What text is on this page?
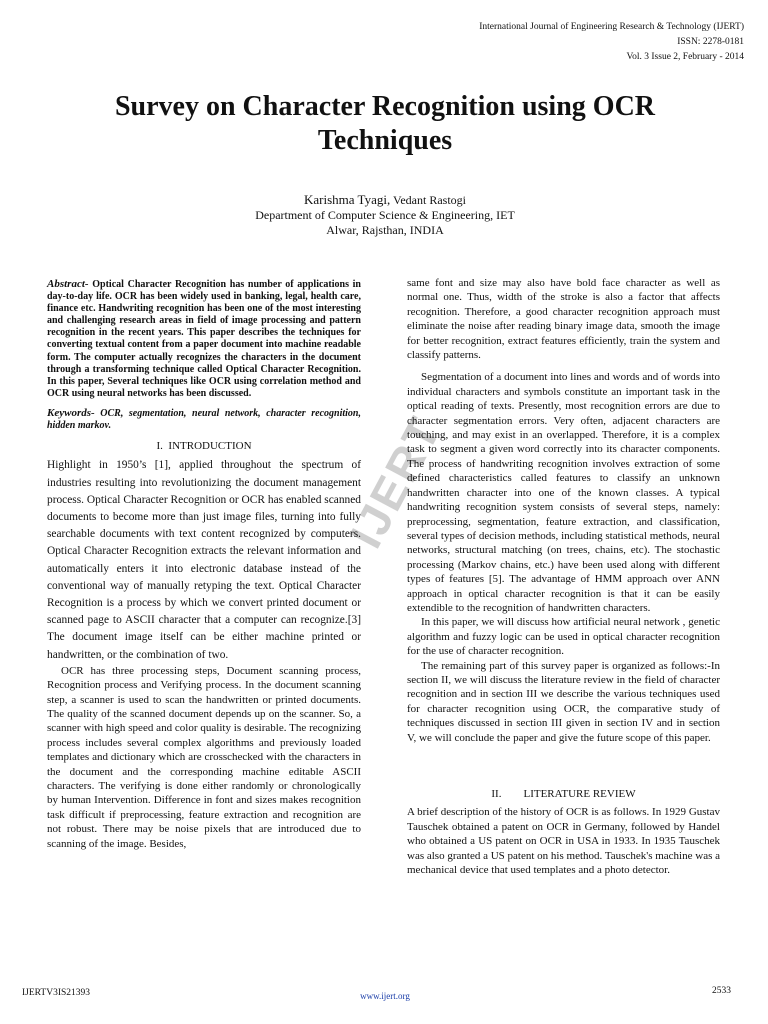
International Journal of Engineering Research & Technology (IJERT)
ISSN: 2278-0181
Vol. 3 Issue 2, February - 2014
Survey on Character Recognition using OCR
Techniques
Karishma Tyagi, Vedant Rastogi
Department of Computer Science & Engineering, IET
Alwar, Rajsthan, INDIA
IJERT
Abstract- Optical Character Recognition has number of applications in day-to-day life. OCR has been widely used in banking, legal, health care, finance etc. Handwriting recognition has been one of the most interesting and challenging research areas in field of image processing and pattern recognition in the recent years. This paper describes the techniques for converting textual content from a paper document into machine readable form. The computer actually recognizes the characters in the document through a transforming technique called Optical Character Recognition. In this paper, Several techniques like OCR using correlation method and OCR using neural networks has been discussed.
Keywords- OCR, segmentation, neural network, character recognition, hidden markov.
I. INTRODUCTION
Highlight in 1950’s [1], applied throughout the spectrum of industries resulting into revolutionizing the document management process. Optical Character Recognition or OCR has enabled scanned documents to become more than just image files, turning into fully searchable documents with text content recognized by computers. Optical Character Recognition extracts the relevant information and automatically enters it into electronic database instead of the conventional way of manually retyping the text. Optical Character Recognition is a process by which we convert printed document or scanned page to ASCII character that a computer can recognize.[3] The document image itself can be either machine printed or handwritten, or the combination of two.
OCR has three processing steps, Document scanning process, Recognition process and Verifying process. In the document scanning step, a scanner is used to scan the handwritten or printed documents. The quality of the scanned document depends up on the scanner. So, a scanner with high speed and color quality is desirable. The recognizing process includes several complex algorithms and previously loaded templates and dictionary which are crosschecked with the characters in the document and the corresponding machine editable ASCII characters. The verifying is done either randomly or chronologically by human Intervention. Difference in font and sizes makes recognition task difficult if preprocessing, feature extraction and recognition are not robust. There may be noise pixels that are introduced due to scanning of the image. Besides,
same font and size may also have bold face character as well as normal one. Thus, width of the stroke is also a factor that affects recognition. Therefore, a good character recognition approach must eliminate the noise after reading binary image data, smooth the image for better recognition, extract features efficiently, train the system and classify patterns.
Segmentation of a document into lines and words and of words into individual characters and symbols constitute an important task in the optical reading of texts. Presently, most recognition errors are due to character segmentation errors. Very often, adjacent characters are touching, and may exist in an overlapped. Therefore, it is a complex task to segment a given word correctly into its character components. The process of handwriting recognition involves extraction of some defined characteristics called features to classify an unknown handwritten character into one of the known classes. A typical handwriting recognition system consists of several steps, namely: preprocessing, segmentation, feature extraction, and classification, several types of decision methods, including statistical methods, neural networks, structural matching (on trees, chains, etc). The stochastic processing (Markov chains, etc.) have been used along with different types of features [5]. The advantage of HMM approach over ANN approach in optical character recognition is that it can be easily extendible to the recognition of handwritten characters.
In this paper, we will discuss how artificial neural network , genetic algorithm and fuzzy logic can be used in optical character recognition for the use of character recognition.
The remaining part of this survey paper is organized as follows:-In section II, we will discuss the literature review in the field of character recognition and in section III we describe the various techniques used for character recognition using OCR, the comparative study of techniques discussed in section III given in section IV and in section V, we will conclude the paper and give the future scope of this paper.
II. LITERATURE REVIEW
A brief description of the history of OCR is as follows. In 1929 Gustav Tauschek obtained a patent on OCR in Germany, followed by Handel who obtained a US patent on OCR in USA in 1933. In 1935 Tauschek was also granted a US patent on his method. Tauschek's machine was a mechanical device that used templates and a photo detector.
IJERTV3IS21393	www.ijert.org	2533
